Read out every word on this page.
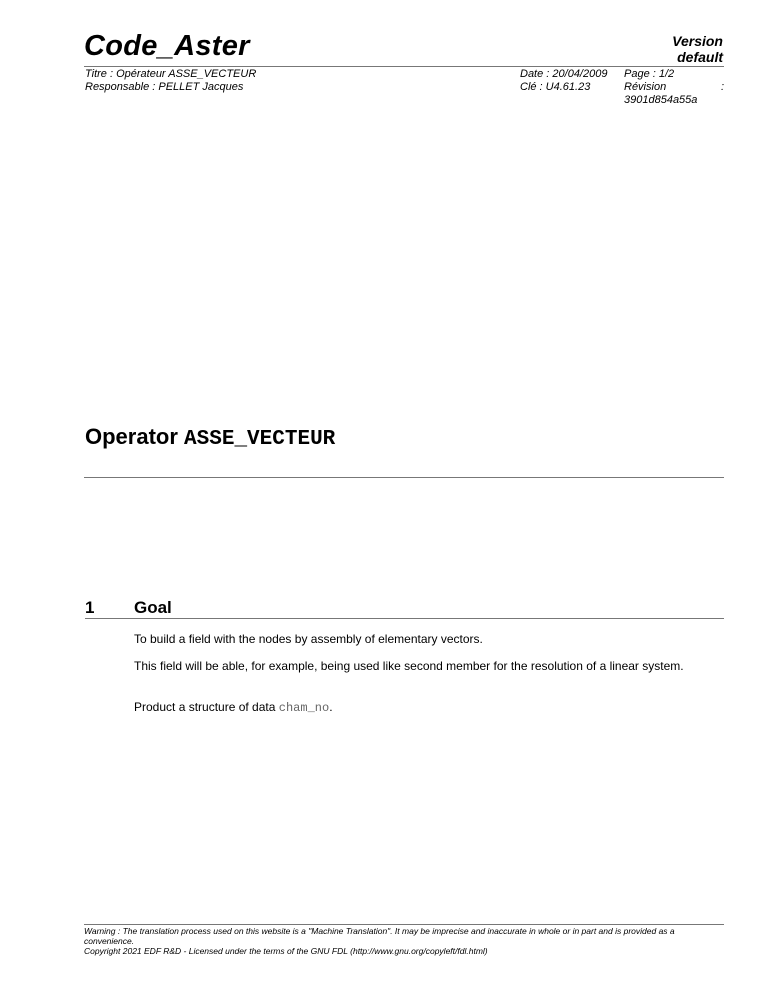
Code_Aster	Version
default
Titre : Opérateur ASSE_VECTEUR
Responsable : PELLET Jacques
Date : 20/04/2009
Clé : U4.61.23
Page : 1/2
Révision	:
3901d854a55a
Operator ASSE_VECTEUR
1 Goal
To build a field with the nodes by assembly of elementary vectors.
This field will be able, for example, being used like second member for the resolution of a linear system.
Product a structure of data cham_no.
Warning : The translation process used on this website is a "Machine Translation". It may be imprecise and inaccurate in whole or in part and is provided as a convenience.
Copyright 2021 EDF R&D - Licensed under the terms of the GNU FDL (http://www.gnu.org/copyleft/fdl.html)
